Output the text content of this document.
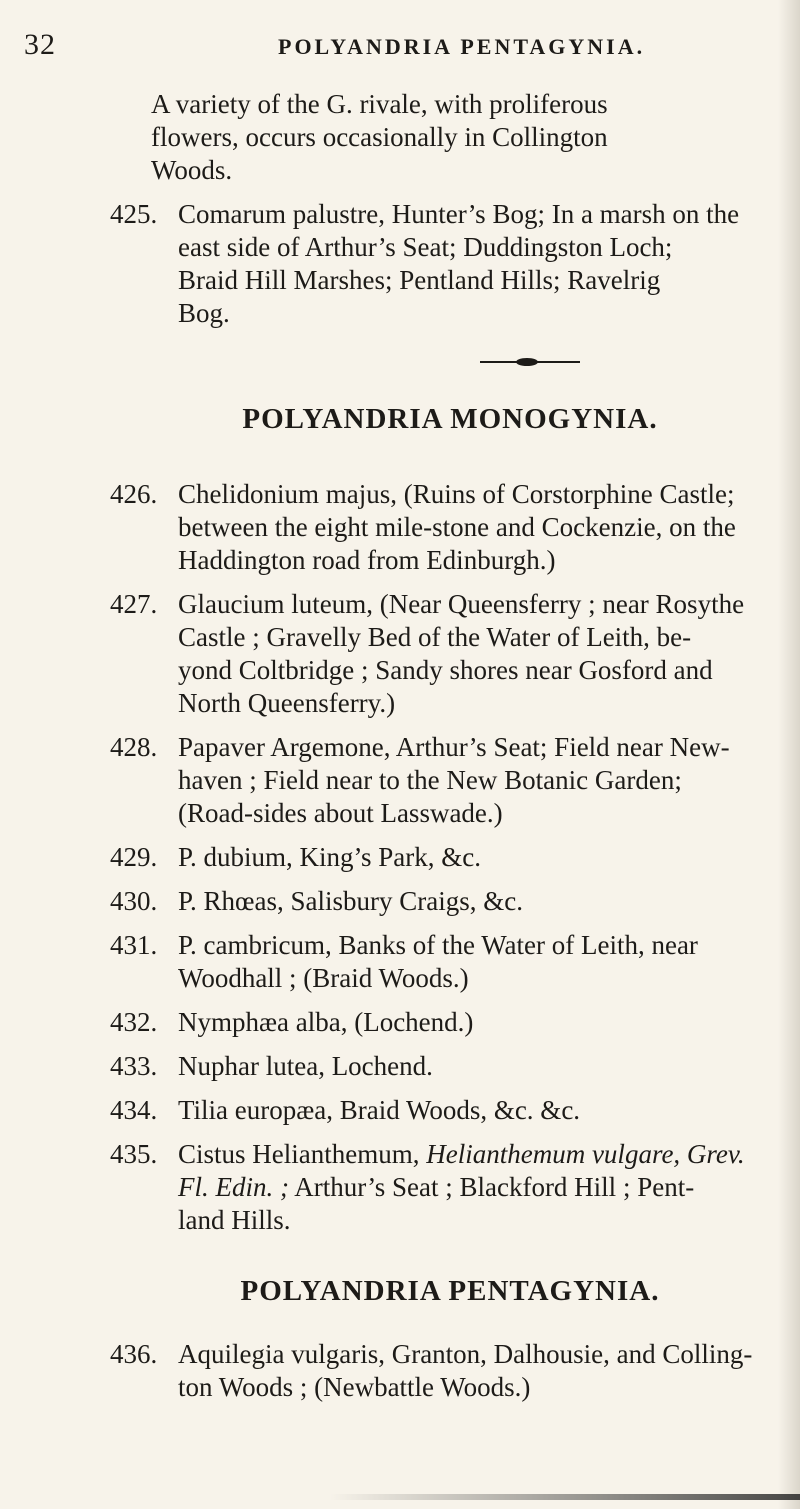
32	POLYANDRIA PENTAGYNIA.
A variety of the G. rivale, with proliferous
flowers, occurs occasionally in Collington
Woods.
425. Comarum palustre, Hunter’s Bog; In a marsh on the
east side of Arthur’s Seat; Duddingston Loch;
Braid Hill Marshes; Pentland Hills; Ravelrig
Bog.
POLYANDRIA MONOGYNIA.
426. Chelidonium majus, (Ruins of Corstorphine Castle;
between the eight mile-stone and Cockenzie, on the
Haddington road from Edinburgh.)
427. Glaucium luteum, (Near Queensferry ; near Rosythe
Castle ; Gravelly Bed of the Water of Leith, be-
yond Coltbridge ; Sandy shores near Gosford and
North Queensferry.)
428. Papaver Argemone, Arthur’s Seat; Field near New-
haven ; Field near to the New Botanic Garden;
(Road-sides about Lasswade.)
429. P. dubium, King’s Park, &c.
430. P. Rhœas, Salisbury Craigs, &c.
431. P. cambricum, Banks of the Water of Leith, near
Woodhall ; (Braid Woods.)
432. Nymphæa alba, (Lochend.)
433. Nuphar lutea, Lochend.
434. Tilia europæa, Braid Woods, &c. &c.
435. Cistus Helianthemum, Helianthemum vulgare, Grev.
Fl. Edin. ; Arthur’s Seat ; Blackford Hill ; Pent-
land Hills.
POLYANDRIA PENTAGYNIA.
436. Aquilegia vulgaris, Granton, Dalhousie, and Colling-
ton Woods ; (Newbattle Woods.)
